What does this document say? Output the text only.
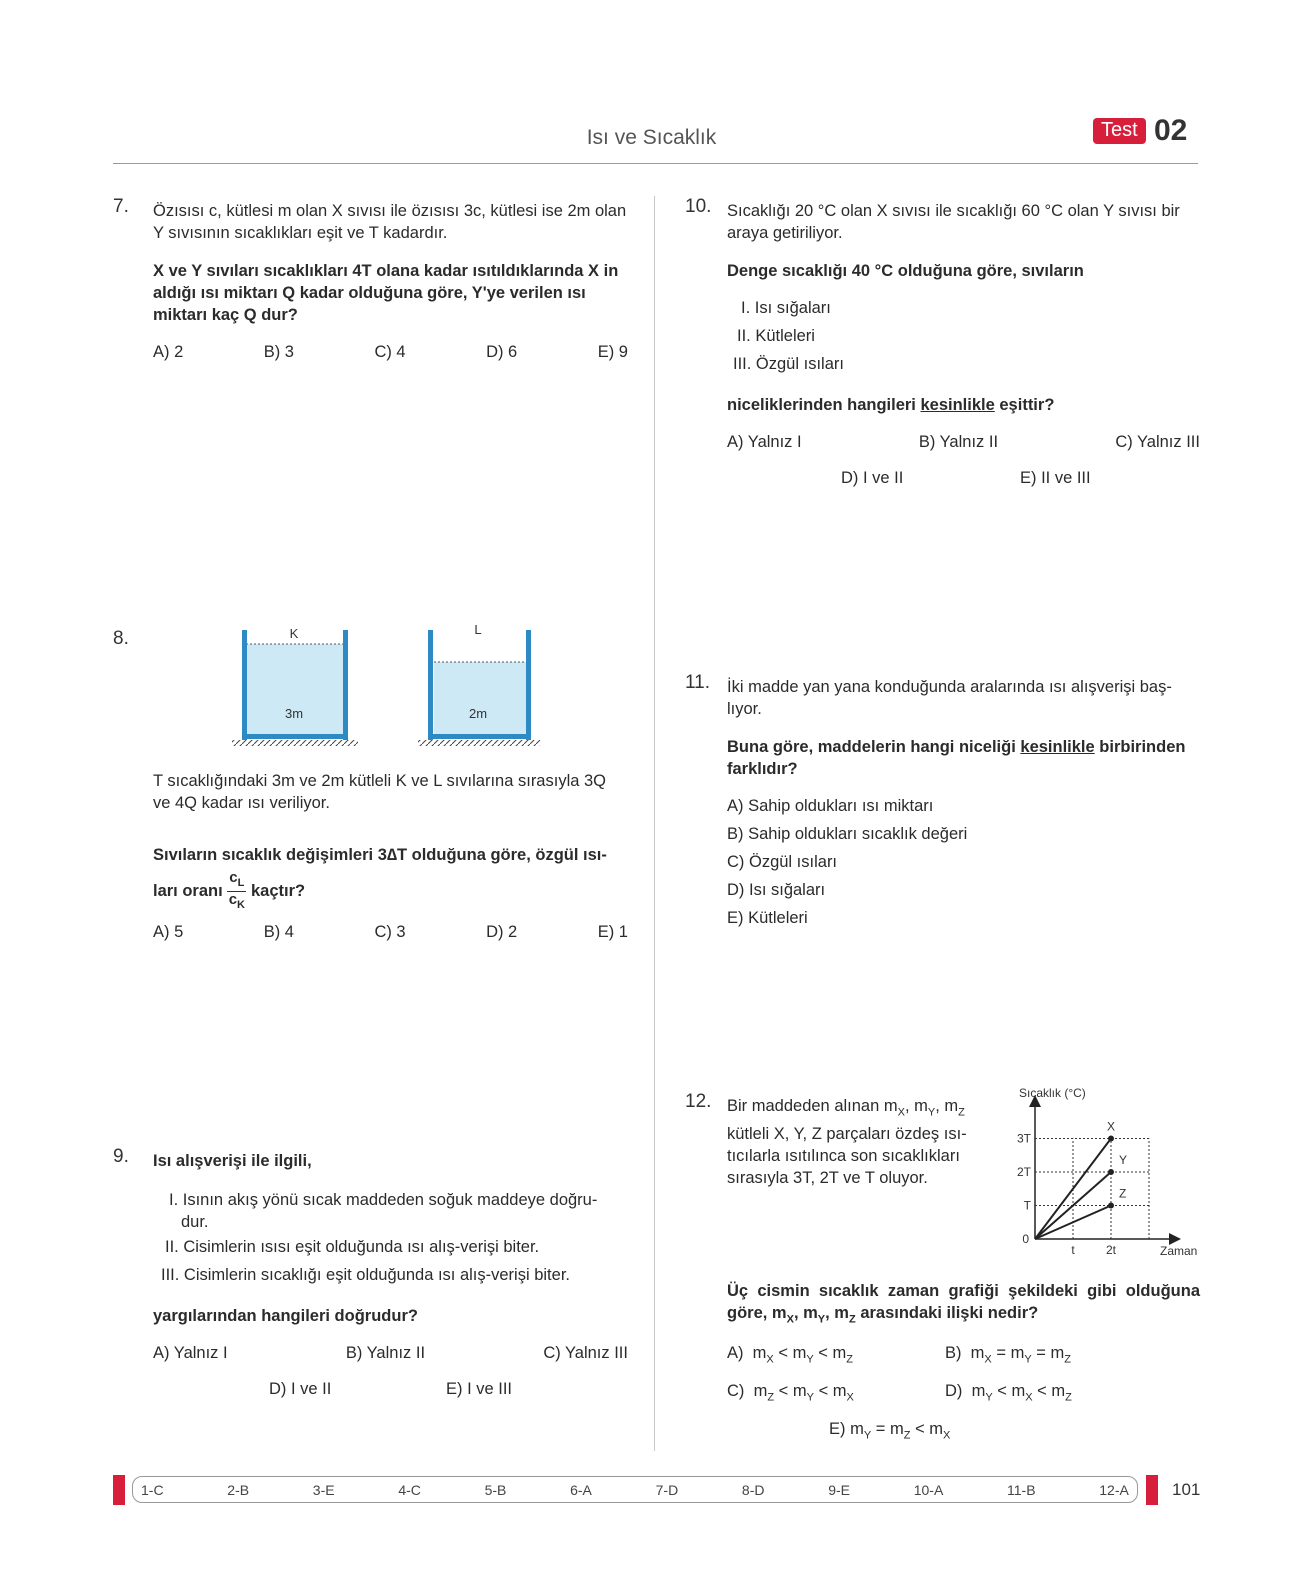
Isı ve Sıcaklık	Test 02
7. Özısısı c, kütlesi m olan X sıvısı ile özısısı 3c, kütlesi ise 2m olan Y sıvısının sıcaklıkları eşit ve T kadardır.

X ve Y sıvıları sıcaklıkları 4T olana kadar ısıtıldıklarında X in aldığı ısı miktarı Q kadar olduğuna göre, Y'ye verilen ısı miktarı kaç Q dur?

A) 2	B) 3	C) 4	D) 6	E) 9
8.	K
3m
L
2m

T sıcaklığındaki 3m ve 2m kütleli K ve L sıvılarına sırasıyla 3Q ve 4Q kadar ısı veriliyor.

Sıvıların sıcaklık değişimleri 3∆T olduğuna göre, özgül ısı-

ları oranı $\frac{c_L}{c_K}$ kaçtır?
A) 5	B) 4	C) 3	D) 2	E) 1
9. Isı alışverişi ile ilgili,

I. Isının akış yönü sıcak maddeden soğuk maddeye doğru-
dur.
II. Cisimlerin ısısı eşit olduğunda ısı alış-verişi biter.
III. Cisimlerin sıcaklığı eşit olduğunda ısı alış-verişi biter.

yargılarından hangileri doğrudur?

A) Yalnız I	B) Yalnız II	C) Yalnız III
D) I ve II	E) I ve III
10. Sıcaklığı 20 °C olan X sıvısı ile sıcaklığı 60 °C olan Y sıvısı bir araya getiriliyor.

Denge sıcaklığı 40 °C olduğuna göre, sıvıların

I. Isı sığaları
II. Kütleleri
III. Özgül ısıları

niceliklerinden hangileri kesinlikle eşittir?

A) Yalnız I	B) Yalnız II	C) Yalnız III
D) I ve II	E) II ve III
11. İki madde yan yana konduğunda aralarında ısı alışverişi baş-lıyor.

Buna göre, maddelerin hangi niceliği kesinlikle birbirinden farklıdır?

A) Sahip oldukları ısı miktarı
B) Sahip oldukları sıcaklık değeri
C) Özgül ısıları
D) Isı sığaları
E) Kütleleri
12. Bir maddeden alınan $m_X$, $m_Y$, $m_Z$
kütleli X, Y, Z parçaları özdeş ısı-
tıcılarla ısıtılınca son sıcaklıkları
sırasıyla 3T, 2T ve T oluyor.
Sıcaklık (°C)
Zaman
T
2T
3T
0
t	2t
X
Y
Z

Üç cismin sıcaklık zaman grafiği şekildeki gibi olduğuna göre, $m_X$, $m_Y$, $m_Z$ arasındaki ilişki nedir?

A)  $m_X < m_Y < m_Z$	B)  $m_X = m_Y = m_Z$
C)  $m_Z < m_Y < m_X$	D)  $m_Y < m_X < m_Z$
E) $m_Y = m_Z < m_X$
1-C	2-B	3-E	4-C	5-B	6-A	7-D	8-D	9-E	10-A	11-B	12-A	101
